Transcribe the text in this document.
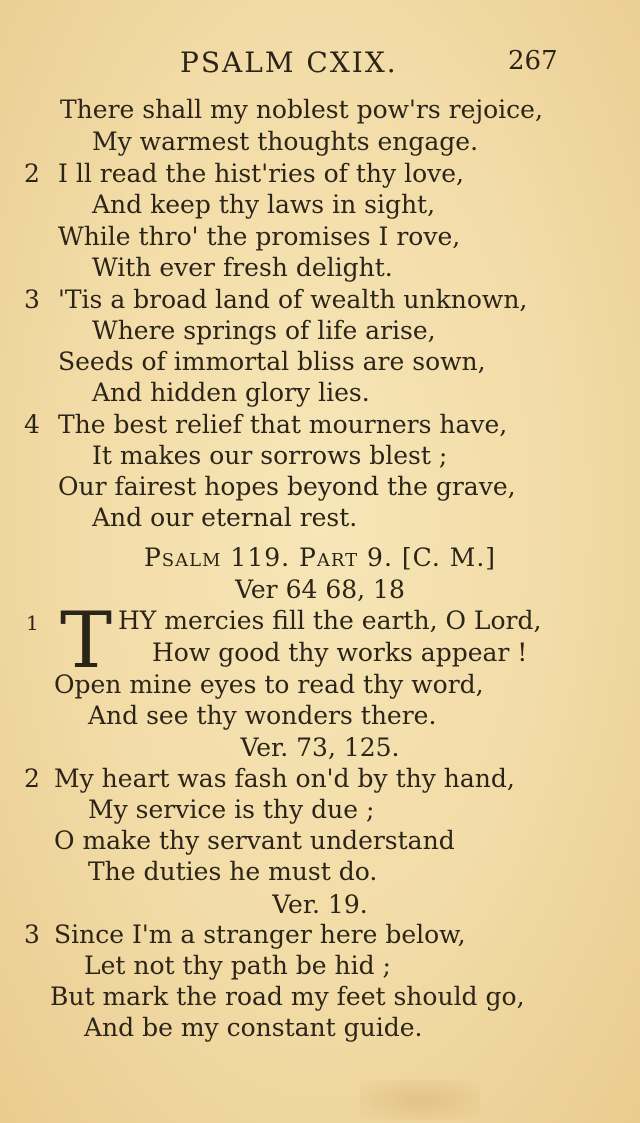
PSALM CXIX.	267
There shall my noblest pow'rs rejoice,
My warmest thoughts engage.
2 I ll read the hist'ries of thy love,
And keep thy laws in sight,
While thro' the promises I rove,
With ever fresh delight.
3 'Tis a broad land of wealth unknown,
Where springs of life arise,
Seeds of immortal bliss are sown,
And hidden glory lies.
4 The best relief that mourners have,
It makes our sorrows blest ;
Our fairest hopes beyond the grave,
And our eternal rest.
Psalm 119. Part 9. [C. M.]
Ver 64 68, 18
1 T HY mercies fill the earth, O Lord,
How good thy works appear !
Open mine eyes to read thy word,
And see thy wonders there.
Ver. 73, 125.
2 My heart was fash on'd by thy hand,
My service is thy due ;
O make thy servant understand
The duties he must do.
Ver. 19.
3 Since I'm a stranger here below,
Let not thy path be hid ;
But mark the road my feet should go,
And be my constant guide.
